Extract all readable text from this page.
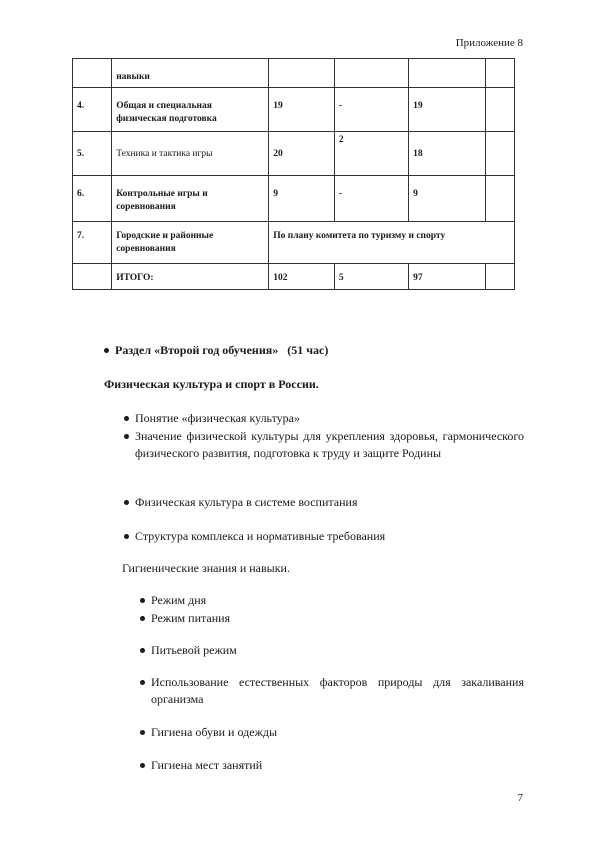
Приложение 8
	навыки				
4.	Общая и специальная физическая подготовка	19	-	19	
5.	Техника и тактика игры	20	2	18	
6.	Контрольные игры и соревнования	9	-	9	
7.	Городские и районные соревнования	По плану комитета по туризму и спорту			
	ИТОГО:	102	5	97	
Раздел «Второй год обучения» (51 час)
Физическая культура и спорт в России.
Понятие «физическая культура»
Значение физической культуры для укрепления здоровья, гармонического физического развития, подготовка к труду и защите Родины
Физическая культура в системе воспитания
Структура комплекса и нормативные требования
Гигиенические знания и навыки.
Режим дня
Режим питания
Питьевой режим
Использование естественных факторов природы для закаливания организма
Гигиена обуви и одежды
Гигиена мест занятий
7
